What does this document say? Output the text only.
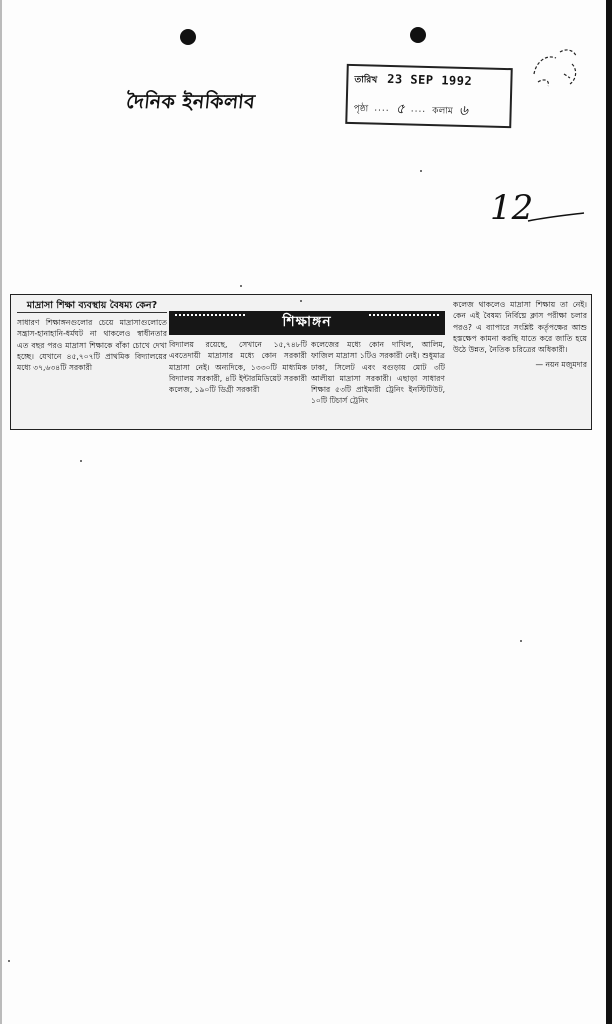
দৈনিক ইনকিলাব
তারিখ 23 SEP 1992
পৃষ্ঠা .... ৫ .... কলাম ৬
12
মাদ্রাসা শিক্ষা ব্যবস্থায় বৈষম্য কেন?
সাধারণ শিক্ষাঙ্গনগুলোর চেয়ে মাদ্রাসাগুলোতে সন্ত্রাস-হানাহানি-ধর্মঘট না থাকলেও স্বাধীনতার এত বছর পরও মাদ্রাসা শিক্ষাকে বাঁকা চোখে দেখা হচ্ছে। যেখানে ৪৫,৭০৭টি প্রাথমিক বিদ্যালয়ের মধ্যে ৩৭,৬৩৪টি সরকারী
শিক্ষাঙ্গন
বিদ্যালয় রয়েছে, সেখানে ১৫,৭৪৮টি এবতেদায়ী মাদ্রাসার মধ্যে কোন সরকারী মাদ্রাসা নেই। অন্যদিকে, ১৩৩০টি মাধ্যমিক বিদ্যালয় সরকারী, ৪টি ইন্টারমিডিয়েট সরকারী কলেজ, ১৯০টি ডিগ্রী সরকারী
কলেজের মধ্যে কোন দাখিল, আলিম, ফাজিল মাদ্রাসা ১টিও সরকারী নেই। শুধুমাত্র ঢাকা, সিলেট এবং বগুড়ায় মোট ৩টি আলীয়া মাদ্রাসা সরকারী। এছাড়া সাধারণ শিক্ষার ৫৩টি প্রাইমারী ট্রেনিং ইনস্টিটিউট, ১০টি টিচার্স ট্রেনিং
কলেজ থাকলেও মাদ্রাসা শিক্ষায় তা নেই। কেন এই বৈষম্য নির্বিঘ্নে ক্লাস পরীক্ষা চলার পরও? এ ব্যাপারে সংশ্লিষ্ট কর্তৃপক্ষের আশু হস্তক্ষেপ কামনা করছি যাতে করে জাতি হয়ে উঠে উন্নত, নৈতিক চরিত্রের অধিকারী।
— নয়ন মজুমদার
